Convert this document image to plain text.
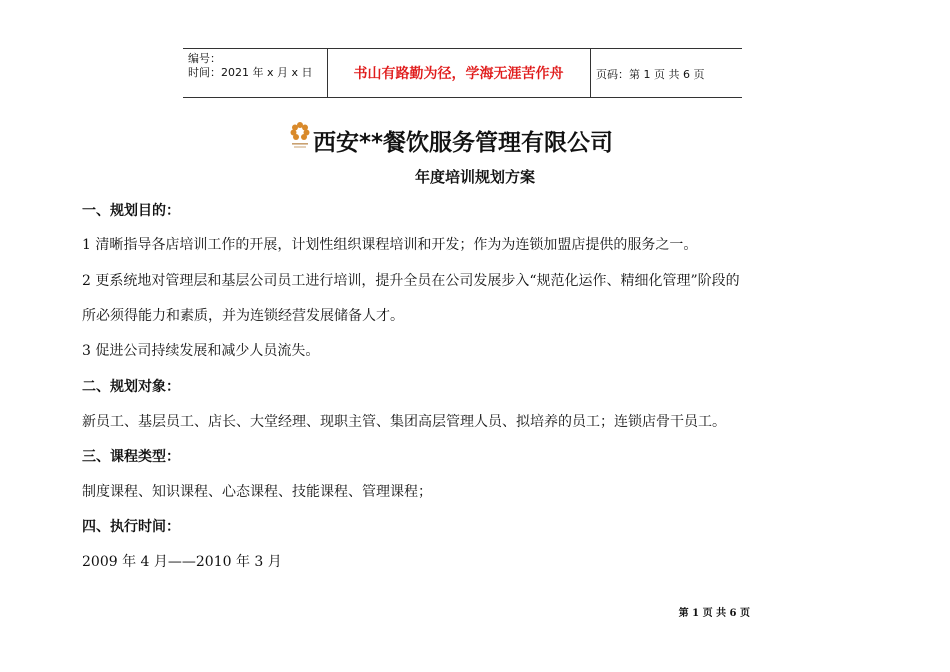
编号：
时间：2021 年 x 月 x 日	书山有路勤为径，学海无涯苦作舟	页码：第 1 页 共 6 页
西安**餐饮服务管理有限公司
年度培训规划方案
一、规划目的：
1 清晰指导各店培训工作的开展，计划性组织课程培训和开发；作为为连锁加盟店提供的服务之一。
2 更系统地对管理层和基层公司员工进行培训，提升全员在公司发展步入“规范化运作、精细化管理”阶段的
所必须得能力和素质，并为连锁经营发展储备人才。
3 促进公司持续发展和减少人员流失。
二、规划对象：
新员工、基层员工、店长、大堂经理、现职主管、集团高层管理人员、拟培养的员工；连锁店骨干员工。
三、课程类型：
制度课程、知识课程、心态课程、技能课程、管理课程；
四、执行时间：
2009 年 4 月——2010 年 3 月
第 1 页 共 6 页
